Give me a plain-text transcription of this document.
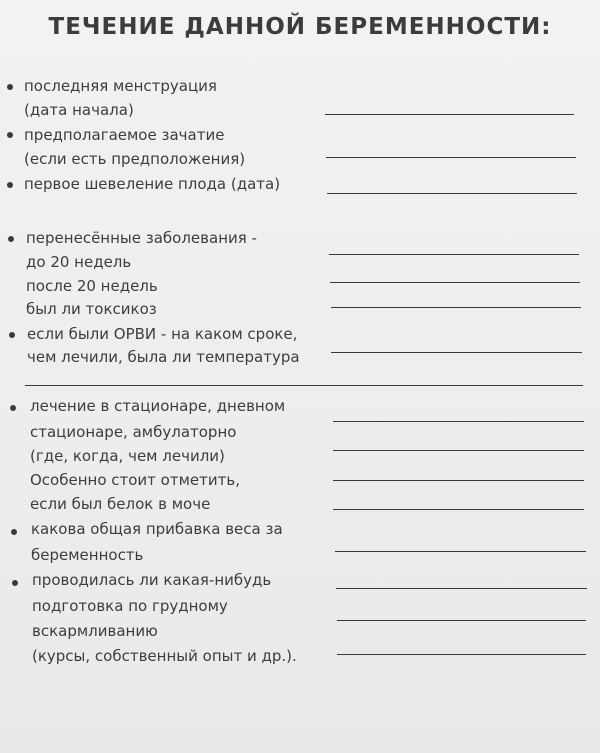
ТЕЧЕНИЕ ДАННОЙ БЕРЕМЕННОСТИ:
последняя менструация
(дата начала)
предполагаемое зачатие
(если есть предположения)
первое шевеление плода (дата)
перенесённые заболевания -
до 20 недель
после 20 недель
был ли токсикоз
если были ОРВИ - на каком сроке,
чем лечили, была ли температура
лечение в стационаре, дневном
стационаре, амбулаторно
(где, когда, чем лечили)
Особенно стоит отметить,
если был белок в моче
какова общая прибавка веса за
беременность
проводилась ли какая-нибудь
подготовка по грудному
вскармливанию
(курсы, собственный опыт и др.).
